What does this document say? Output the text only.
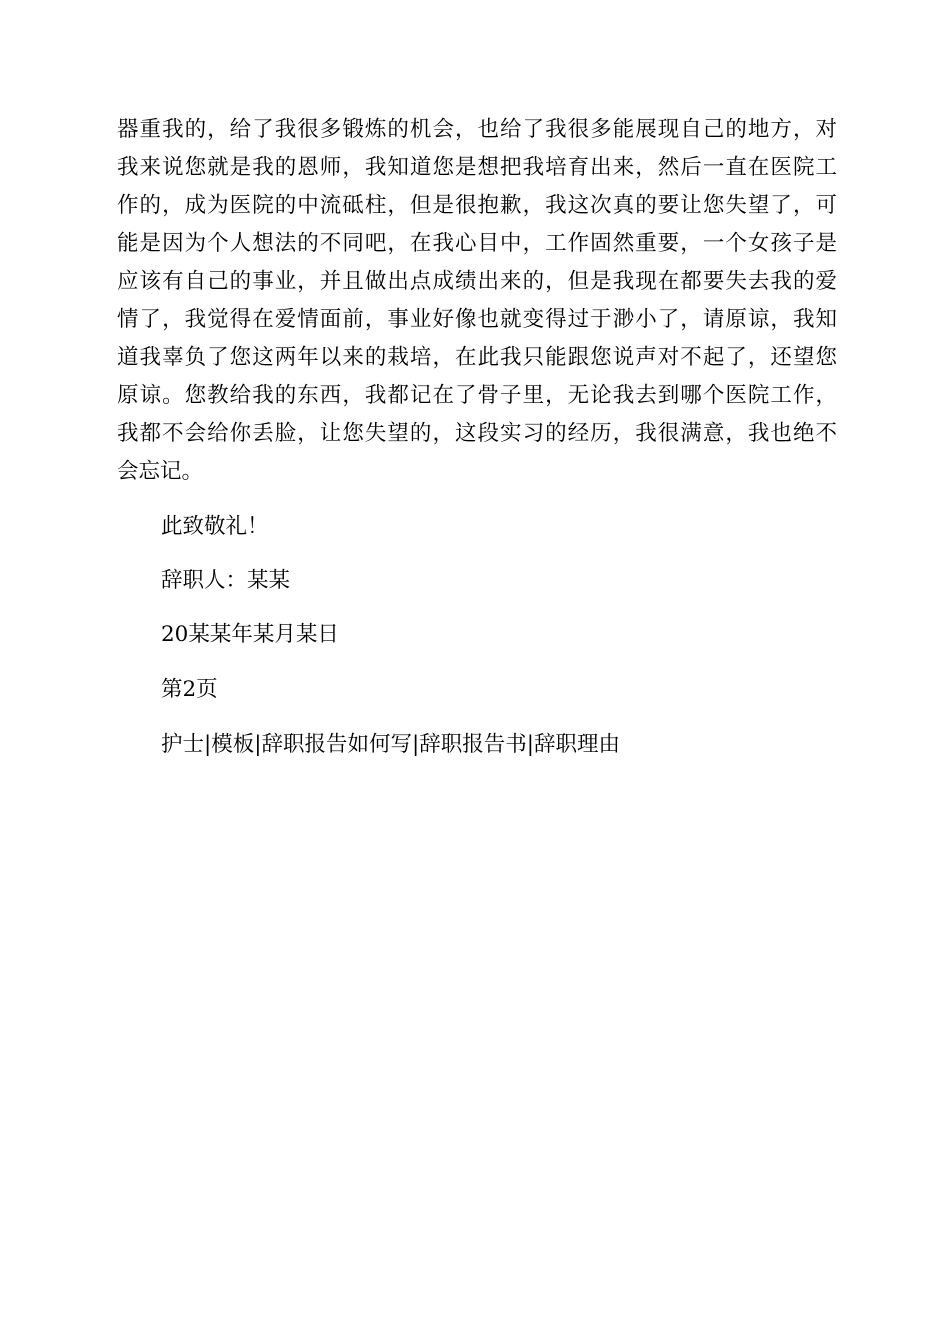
器重我的，给了我很多锻炼的机会，也给了我很多能展现自己的地方，对
我来说您就是我的恩师，我知道您是想把我培育出来，然后一直在医院工
作的，成为医院的中流砥柱，但是很抱歉，我这次真的要让您失望了，可
能是因为个人想法的不同吧，在我心目中，工作固然重要，一个女孩子是
应该有自己的事业，并且做出点成绩出来的，但是我现在都要失去我的爱
情了，我觉得在爱情面前，事业好像也就变得过于渺小了，请原谅，我知
道我辜负了您这两年以来的栽培，在此我只能跟您说声对不起了，还望您
原谅。您教给我的东西，我都记在了骨子里，无论我去到哪个医院工作，
我都不会给你丢脸，让您失望的，这段实习的经历，我很满意，我也绝不
会忘记。
此致敬礼！
辞职人：某某
20某某年某月某日
第2页
护士|模板|辞职报告如何写|辞职报告书|辞职理由
